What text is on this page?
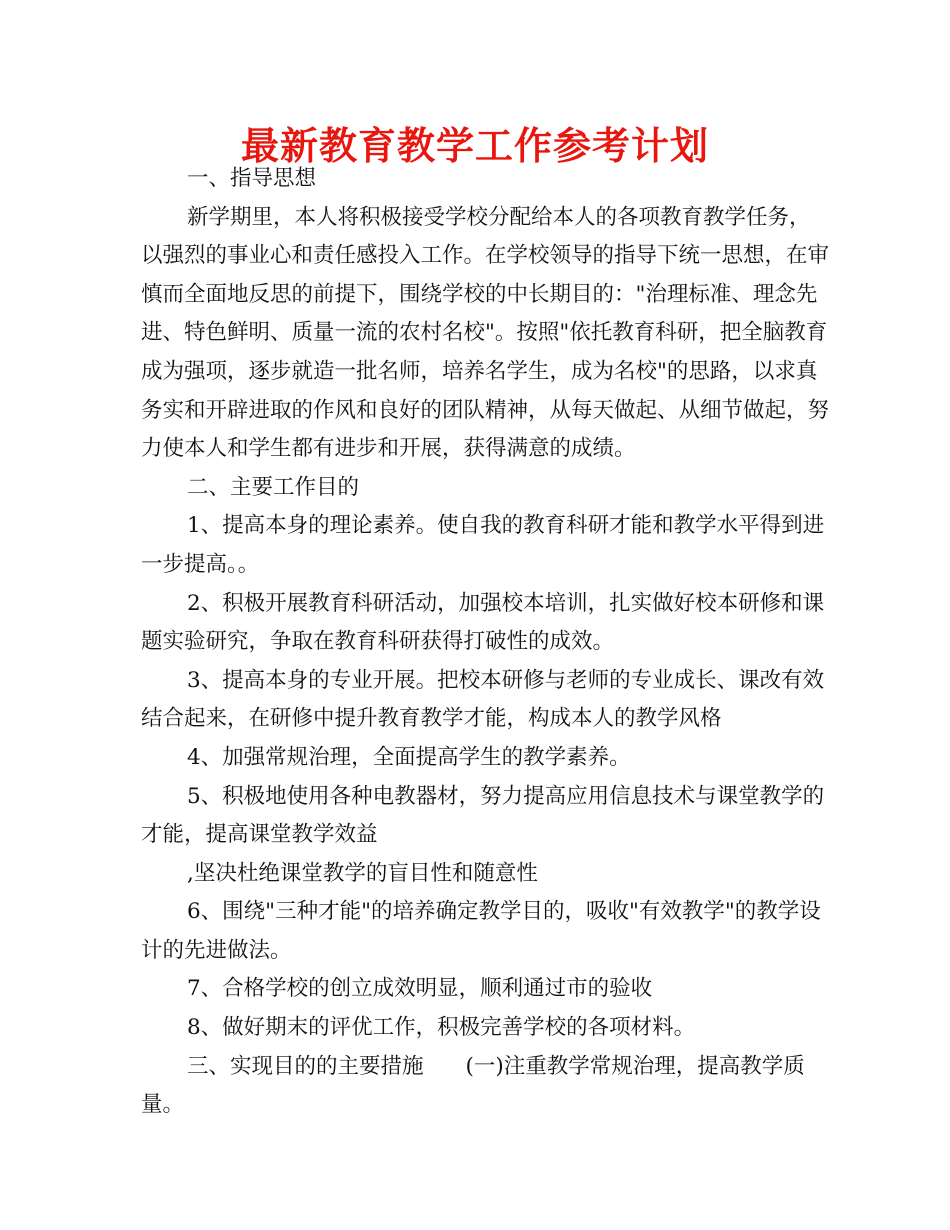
最新教育教学工作参考计划

一、指导思想

新学期里，本人将积极接受学校分配给本人的各项教育教学任务，以强烈的事业心和责任感投入工作。在学校领导的指导下统一思想，在审慎而全面地反思的前提下，围绕学校的中长期目的："治理标准、理念先进、特色鲜明、质量一流的农村名校"。按照"依托教育科研，把全脑教育成为强项，逐步就造一批名师，培养名学生，成为名校"的思路，以求真务实和开辟进取的作风和良好的团队精神，从每天做起、从细节做起，努力使本人和学生都有进步和开展，获得满意的成绩。

二、主要工作目的

1、提高本身的理论素养。使自我的教育科研才能和教学水平得到进一步提高。。

2、积极开展教育科研活动，加强校本培训，扎实做好校本研修和课题实验研究，争取在教育科研获得打破性的成效。

3、提高本身的专业开展。把校本研修与老师的专业成长、课改有效结合起来，在研修中提升教育教学才能，构成本人的教学风格

4、加强常规治理，全面提高学生的教学素养。

5、积极地使用各种电教器材，努力提高应用信息技术与课堂教学的才能，提高课堂教学效益

,坚决杜绝课堂教学的盲目性和随意性

6、围绕"三种才能"的培养确定教学目的，吸收"有效教学"的教学设计的先进做法。

7、合格学校的创立成效明显，顺利通过市的验收

8、做好期末的评优工作，积极完善学校的各项材料。

三、实现目的的主要措施 (一)注重教学常规治理，提高教学质量。
